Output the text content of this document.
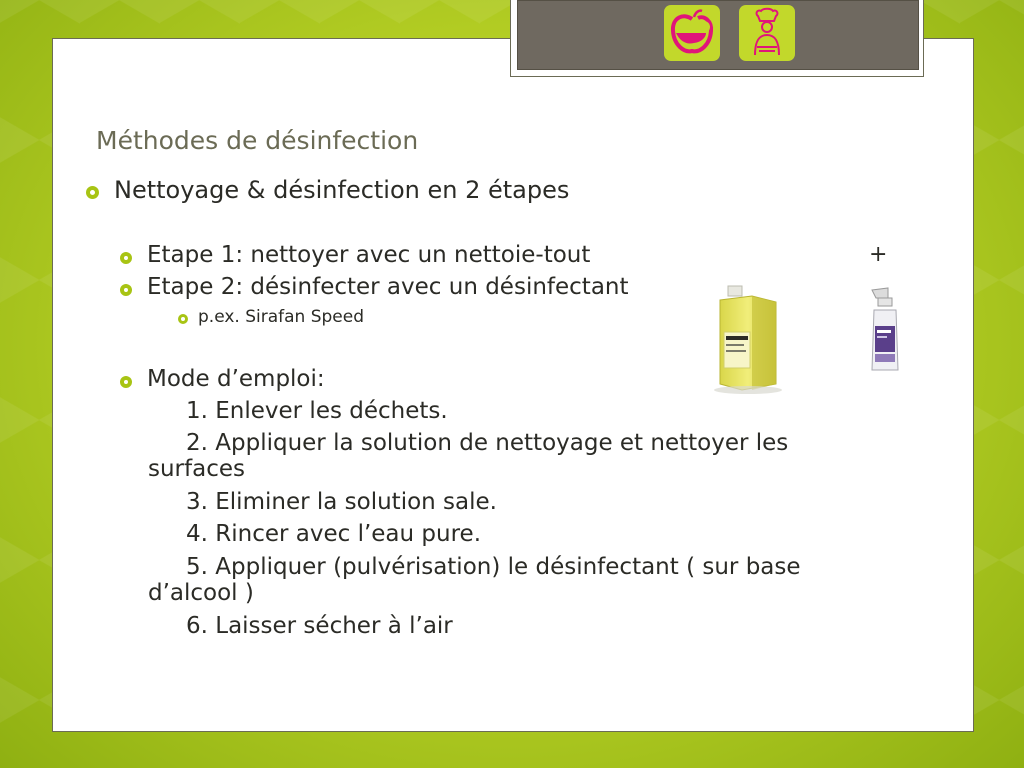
Méthodes de désinfection
Nettoyage & désinfection en 2 étapes
Etape 1: nettoyer avec un nettoie-tout	+
Etape 2: désinfecter avec un désinfectant
p.ex. Sirafan Speed
Mode d’emploi:
1. Enlever les déchets.
2. Appliquer la solution de nettoyage et nettoyer les
surfaces
3. Eliminer la solution sale.
4. Rincer avec l’eau pure.
5. Appliquer (pulvérisation) le désinfectant ( sur base
d’alcool )
6. Laisser sécher à l’air
